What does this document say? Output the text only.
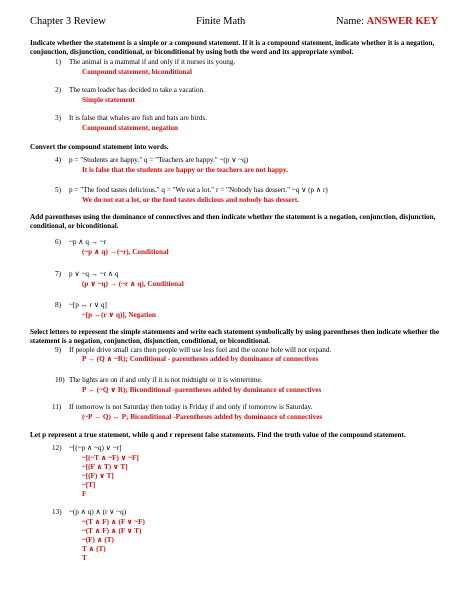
Chapter 3 Review	Finite Math	Name: ANSWER KEY
Indicate whether the statement is a simple or a compound statement. If it is a compound statement, indicate whether it is a negation, conjunction, disjunction, conditional, or biconditional by using both the word and its appropriate symbol.
1) The animal is a mammal if and only if it nurses its young.
Compound statement, biconditional
2) The team leader has decided to take a vacation.
Simple statement
3) It is false that whales are fish and bats are birds.
Compound statement, negation
Convert the compound statement into words.
4) p = "Students are happy." q = "Teachers are happy." ~(p ∨ ~q)
It is false that the students are happy or the teachers are not happy.
5) p = "The food tastes delicious." q = "We eat a lot." r = "Nobody has dessert." ~q ∨ (p ∧ r)
We do not eat a lot, or the food tastes delicious and nobody has dessert.
Add parentheses using the dominance of connectives and then indicate whether the statement is a negation, conjunction, disjunction, conditional, or biconditional.
6) ~p ∧ q → ~r
(~p ∧ q) →(~r), Conditional
7) p ∨ ~q → ~r ∧ q
(p ∨ ~q) → (~r ∧ q), Conditional
8) ~[p ↔ r ∨ q]
~[p ↔(r ∨ q)], Negation
Select letters to represent the simple statements and write each statement symbolically by using parentheses then indicate whether the statement is a negation, conjunction, disjunction, conditional, or biconditional.
9) If people drive small cars then people will use less fuel and the ozone hole will not expand.
P → (Q ∧ ~R); Conditional - parentheses added by dominance of connectives
10) The lights are on if and only if it is not midnight or it is wintertime.
P ↔ (~Q ∨ R); Biconditional -parentheses added by dominance of connectives
11) If tomorrow is not Saturday then today is Friday if and only if tomorrow is Saturday.
(~P → Q) ↔ P; Biconditional -Parentheses added by dominance of connectives
Let p represent a true statement, while q and r represent false statements. Find the truth value of the compound statement.
12) ~[(~p ∧ ~q) ∨ ~r]
~[(~T ∧ ~F) ∨ ~F]
~[(F ∧ T) ∨ T]
~[(F) ∨ T]
~[T]
F
13) ~(p ∧ q) ∧ (r ∨ ~q)
~(T ∧ F) ∧ (F ∨ ~F)
~(T ∧ F) ∧ (F ∨ T)
~(F) ∧ (T)
T ∧ (T)
T
